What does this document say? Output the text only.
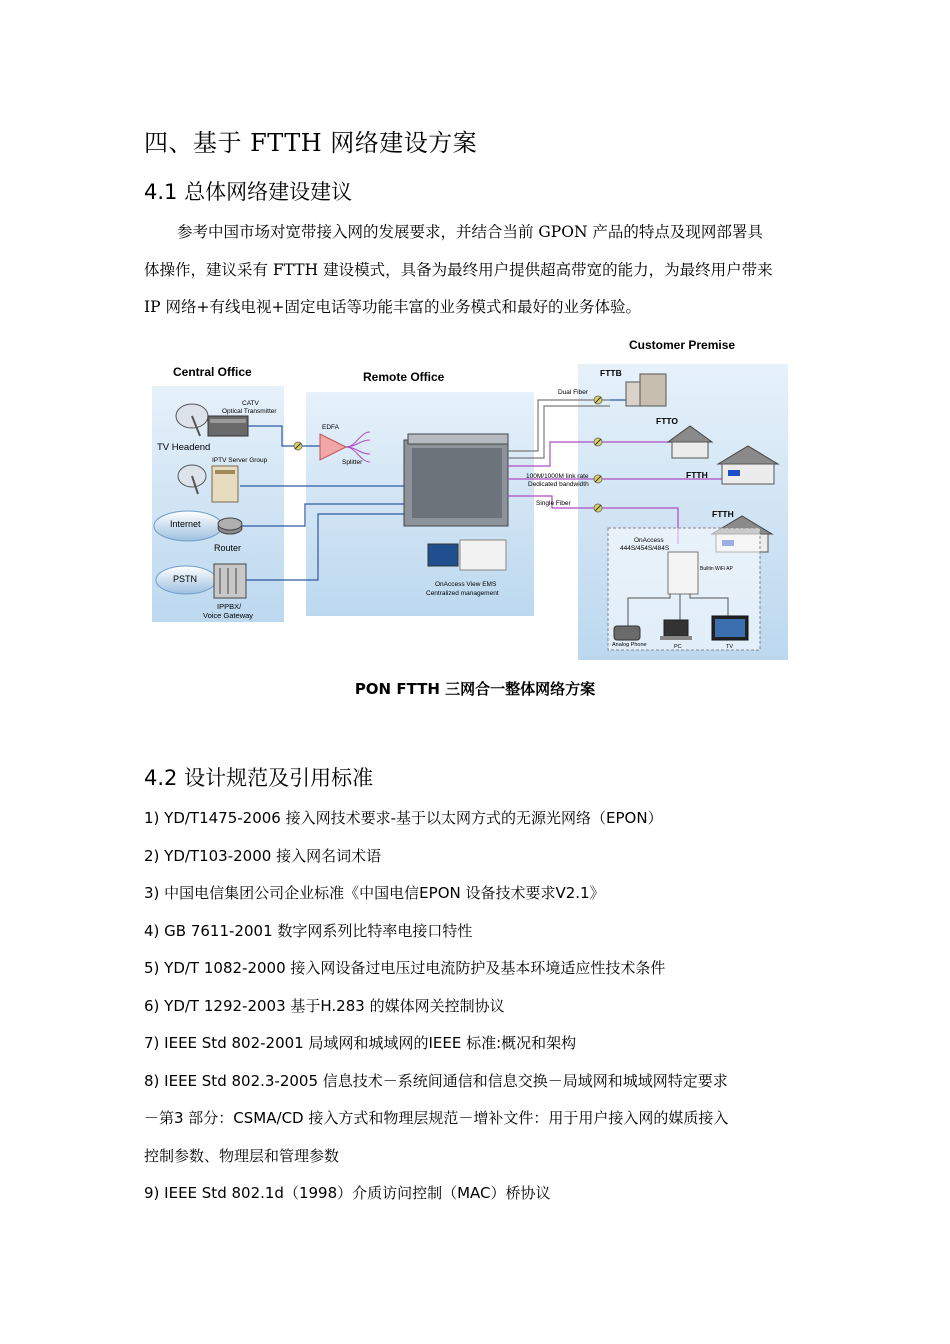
四、基于 FTTH 网络建设方案
4.1 总体网络建设建议
参考中国市场对宽带接入网的发展要求，并结合当前 GPON 产品的特点及现网部署具
体操作，建议采有 FTTH 建设模式，具备为最终用户提供超高带宽的能力，为最终用户带来
IP 网络+有线电视+固定电话等功能丰富的业务模式和最好的业务体验。
Central Office	Remote Office
Customer Premise
CATV
Optical Transmitter
TV Headend
IPTV Server Group
Internet
Router
PSTN
IPPBX/
Voice Gateway
EDFA
Splitter
OnAccess View EMS
Centralized management
Dual Fiber
100M/1000M link rate
Dedicated bandwidth
Single Fiber
FTTB
FTTO
FTTH
FTTH
OnAccess
444S/454S/484S
Builtin WiFi AP
Analog Phone	PC	TV
PON FTTH 三网合一整体网络方案
4.2 设计规范及引用标准
1) YD/T1475-2006 接入网技术要求-基于以太网方式的无源光网络（EPON）
2) YD/T103-2000 接入网名词术语
3) 中国电信集团公司企业标准《中国电信EPON 设备技术要求V2.1》
4) GB 7611-2001 数字网系列比特率电接口特性
5) YD/T 1082-2000 接入网设备过电压过电流防护及基本环境适应性技术条件
6) YD/T 1292-2003 基于H.283 的媒体网关控制协议
7) IEEE Std 802-2001 局域网和城域网的IEEE 标准:概况和架构
8) IEEE Std 802.3-2005 信息技术－系统间通信和信息交换－局域网和城域网特定要求
－第3 部分：CSMA/CD 接入方式和物理层规范－增补文件：用于用户接入网的媒质接入
控制参数、物理层和管理参数
9) IEEE Std 802.1d（1998）介质访问控制（MAC）桥协议
